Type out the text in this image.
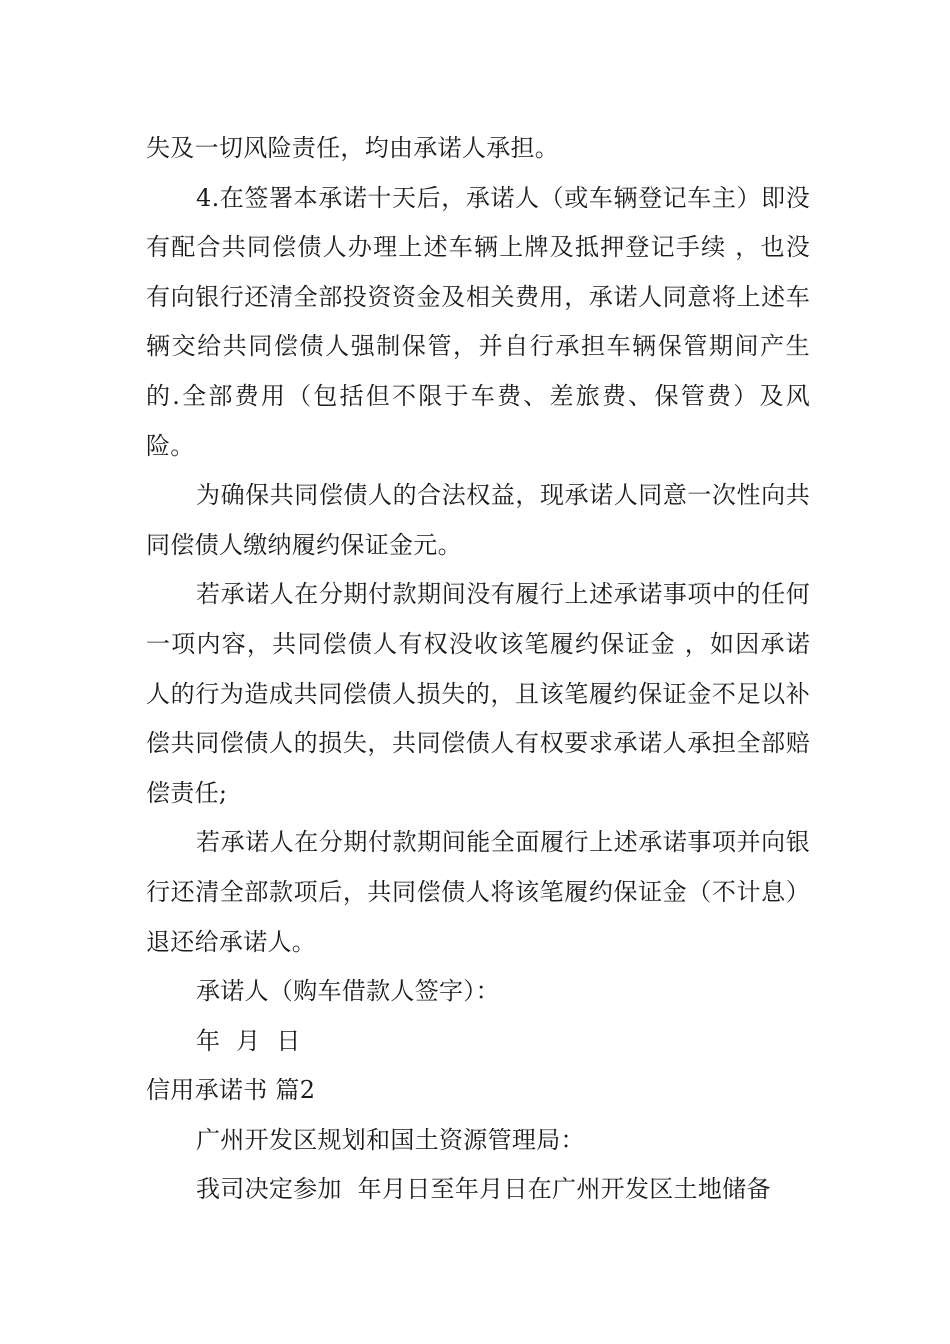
失及一切风险责任，均由承诺人承担。

4.在签署本承诺十天后，承诺人（或车辆登记车主）即没有配合共同偿债人办理上述车辆上牌及抵押登记手续 ，也没有向银行还清全部投资资金及相关费用，承诺人同意将上述车辆交给共同偿债人强制保管，并自行承担车辆保管期间产生的.全部费用（包括但不限于车费、差旅费、保管费）及风险。

为确保共同偿债人的合法权益，现承诺人同意一次性向共同偿债人缴纳履约保证金元。

若承诺人在分期付款期间没有履行上述承诺事项中的任何一项内容，共同偿债人有权没收该笔履约保证金 ，如因承诺人的行为造成共同偿债人损失的，且该笔履约保证金不足以补偿共同偿债人的损失，共同偿债人有权要求承诺人承担全部赔偿责任;

若承诺人在分期付款期间能全面履行上述承诺事项并向银行还清全部款项后，共同偿债人将该笔履约保证金（不计息）退还给承诺人。

承诺人（购车借款人签字）：

年  月  日

信用承诺书 篇2

广州开发区规划和国土资源管理局：

我司决定参加  年月日至年月日在广州开发区土地储备
